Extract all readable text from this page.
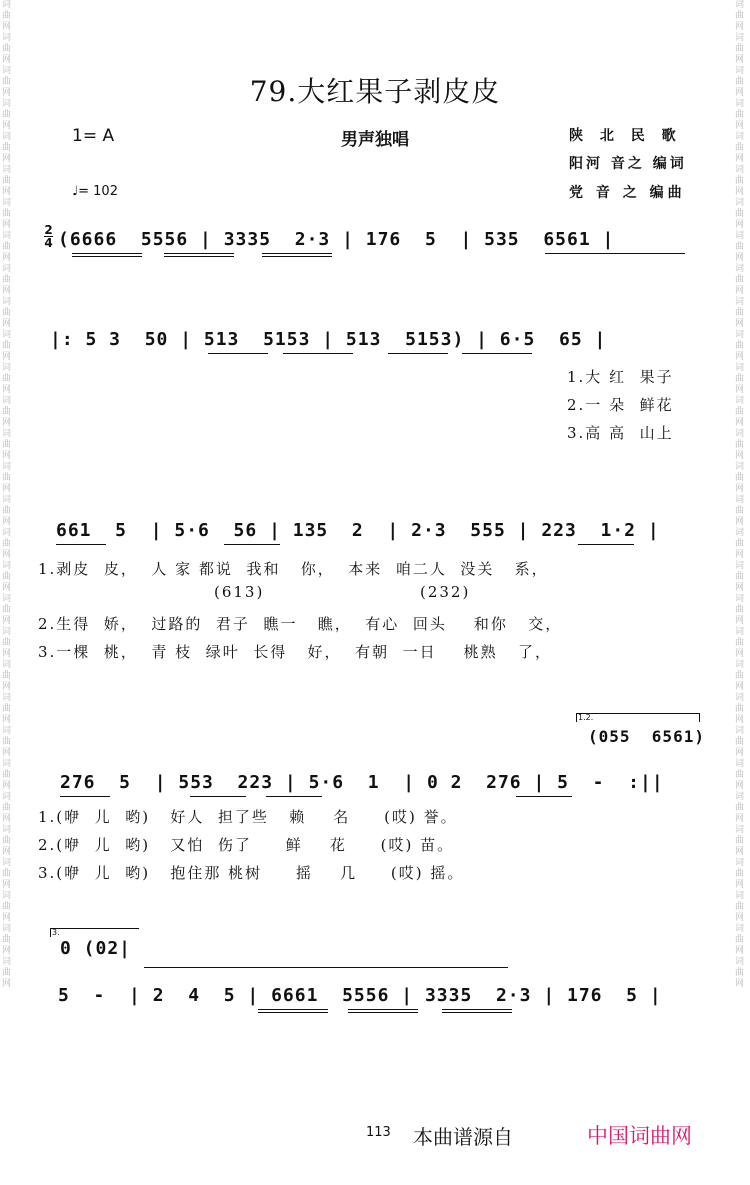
词曲网词曲网词曲网词曲网词曲网词曲网词曲网词曲网词曲网词曲网词曲网词曲网词曲网词曲网词曲网词曲网词曲网词曲网词曲网词曲网词曲网词曲网词曲网词曲网词曲网词曲网词曲网词曲网词曲网词曲网
词曲网词曲网词曲网词曲网词曲网词曲网词曲网词曲网词曲网词曲网词曲网词曲网词曲网词曲网词曲网词曲网词曲网词曲网词曲网词曲网词曲网词曲网词曲网词曲网词曲网词曲网词曲网词曲网词曲网词曲网
79.大红果子剥皮皮
1= A	男声独唱
♩= 102
陕 北 民 歌
阳河 音之 编词
党 音 之 编曲
2
4 (6666  5556 | 3335  2·3 | 176  5  | 535  6561 |
|: 5 3  50 | 513  5153 | 513  5153) | 6·5  65 |
1.大 红  果子
2.一 朵  鲜花
3.高 高  山上
661  5  | 5·6  56 | 135  2  | 2·3  555 | 223  1·2 |
1.剥皮  皮，  人 家 都说  我和   你，  本来  咱二人  没关   系，
(613)                       (232)
2.生得  娇，  过路的  君子  瞧一   瞧，  有心  回头    和你   交，
3.一棵  桃，  青 枝  绿叶  长得   好，  有朝  一日    桃熟   了，
1.2.
(055  6561)
276  5  | 553  223 | 5·6  1  | 0 2  276 | 5  -  :||
1.(咿  儿  哟)   好人  担了些   赖    名     (哎) 誉。
2.(咿  儿  哟)   又怕  伤了     鲜    花     (哎) 苗。
3.(咿  儿  哟)   抱住那 桃树     摇    几     (哎) 摇。
3.
0 (02|
5  -  | 2  4  5 | 6661  5556 | 3335  2·3 | 176  5 |
113 本曲谱源自	中国词曲网
